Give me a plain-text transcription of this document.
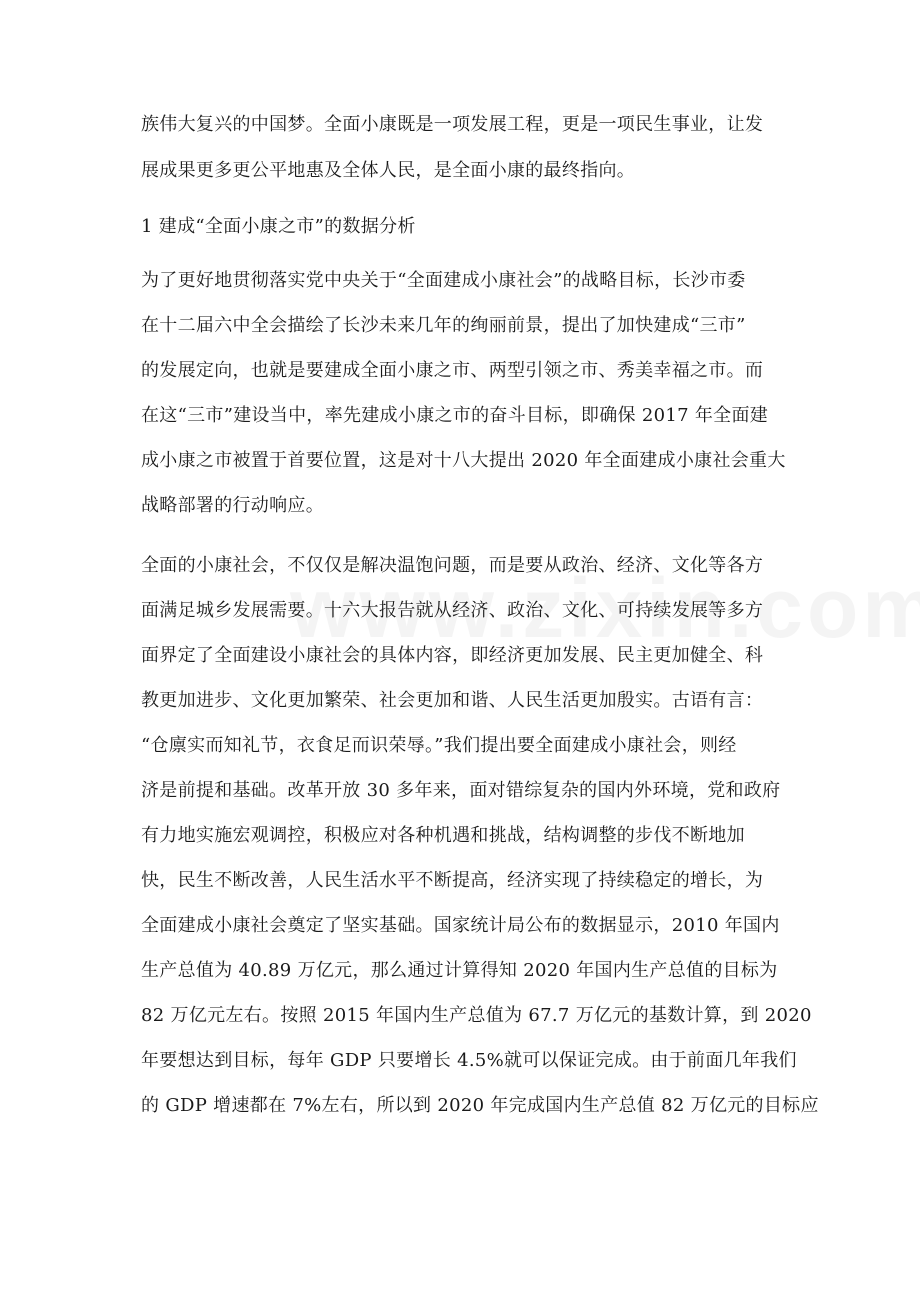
族伟大复兴的中国梦。全面小康既是一项发展工程，更是一项民生事业，让发
展成果更多更公平地惠及全体人民，是全面小康的最终指向。
1 建成“全面小康之市”的数据分析
为了更好地贯彻落实党中央关于“全面建成小康社会”的战略目标，长沙市委
在十二届六中全会描绘了长沙未来几年的绚丽前景，提出了加快建成“三市”
的发展定向，也就是要建成全面小康之市、两型引领之市、秀美幸福之市。而
在这“三市”建设当中，率先建成小康之市的奋斗目标，即确保 2017 年全面建
成小康之市被置于首要位置，这是对十八大提出 2020 年全面建成小康社会重大
战略部署的行动响应。
全面的小康社会，不仅仅是解决温饱问题，而是要从政治、经济、文化等各方
面满足城乡发展需要。十六大报告就从经济、政治、文化、可持续发展等多方
面界定了全面建设小康社会的具体内容，即经济更加发展、民主更加健全、科
教更加进步、文化更加繁荣、社会更加和谐、人民生活更加殷实。古语有言：
“仓廪实而知礼节，衣食足而识荣辱。”我们提出要全面建成小康社会，则经
济是前提和基础。改革开放 30 多年来，面对错综复杂的国内外环境，党和政府
有力地实施宏观调控，积极应对各种机遇和挑战，结构调整的步伐不断地加
快，民生不断改善，人民生活水平不断提高，经济实现了持续稳定的增长，为
全面建成小康社会奠定了坚实基础。国家统计局公布的数据显示，2010 年国内
生产总值为 40.89 万亿元，那么通过计算得知 2020 年国内生产总值的目标为
82 万亿元左右。按照 2015 年国内生产总值为 67.7 万亿元的基数计算，到 2020
年要想达到目标，每年 GDP 只要增长 4.5%就可以保证完成。由于前面几年我们
的 GDP 增速都在 7%左右，所以到 2020 年完成国内生产总值 82 万亿元的目标应
